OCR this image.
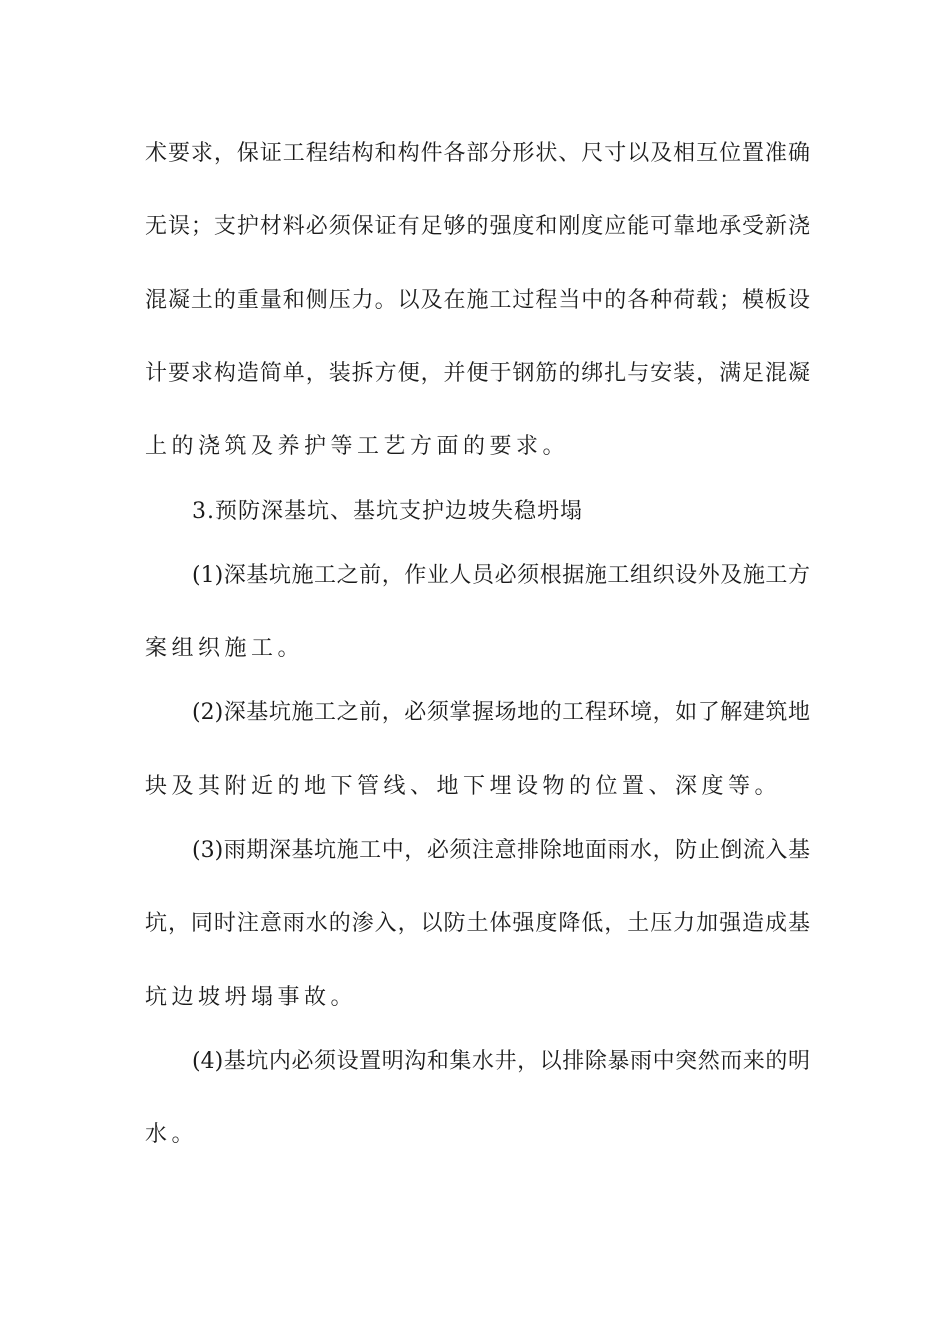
术要求，保证工程结构和构件各部分形状、尺寸以及相互位置准确
无误；支护材料必须保证有足够的强度和刚度应能可靠地承受新浇
混凝土的重量和侧压力。以及在施工过程当中的各种荷载；模板设
计要求构造简单，装拆方便，并便于钢筋的绑扎与安装，满足混凝
上的浇筑及养护等工艺方面的要求。
3.预防深基坑、基坑支护边坡失稳坍塌
(1)深基坑施工之前，作业人员必须根据施工组织设外及施工方
案组织施工。
(2)深基坑施工之前，必须掌握场地的工程环境，如了解建筑地
块及其附近的地下管线、地下埋设物的位置、深度等。
(3)雨期深基坑施工中，必须注意排除地面雨水，防止倒流入基
坑，同时注意雨水的渗入，以防土体强度降低，土压力加强造成基
坑边坡坍塌事故。
(4)基坑内必须设置明沟和集水井，以排除暴雨中突然而来的明
水。
